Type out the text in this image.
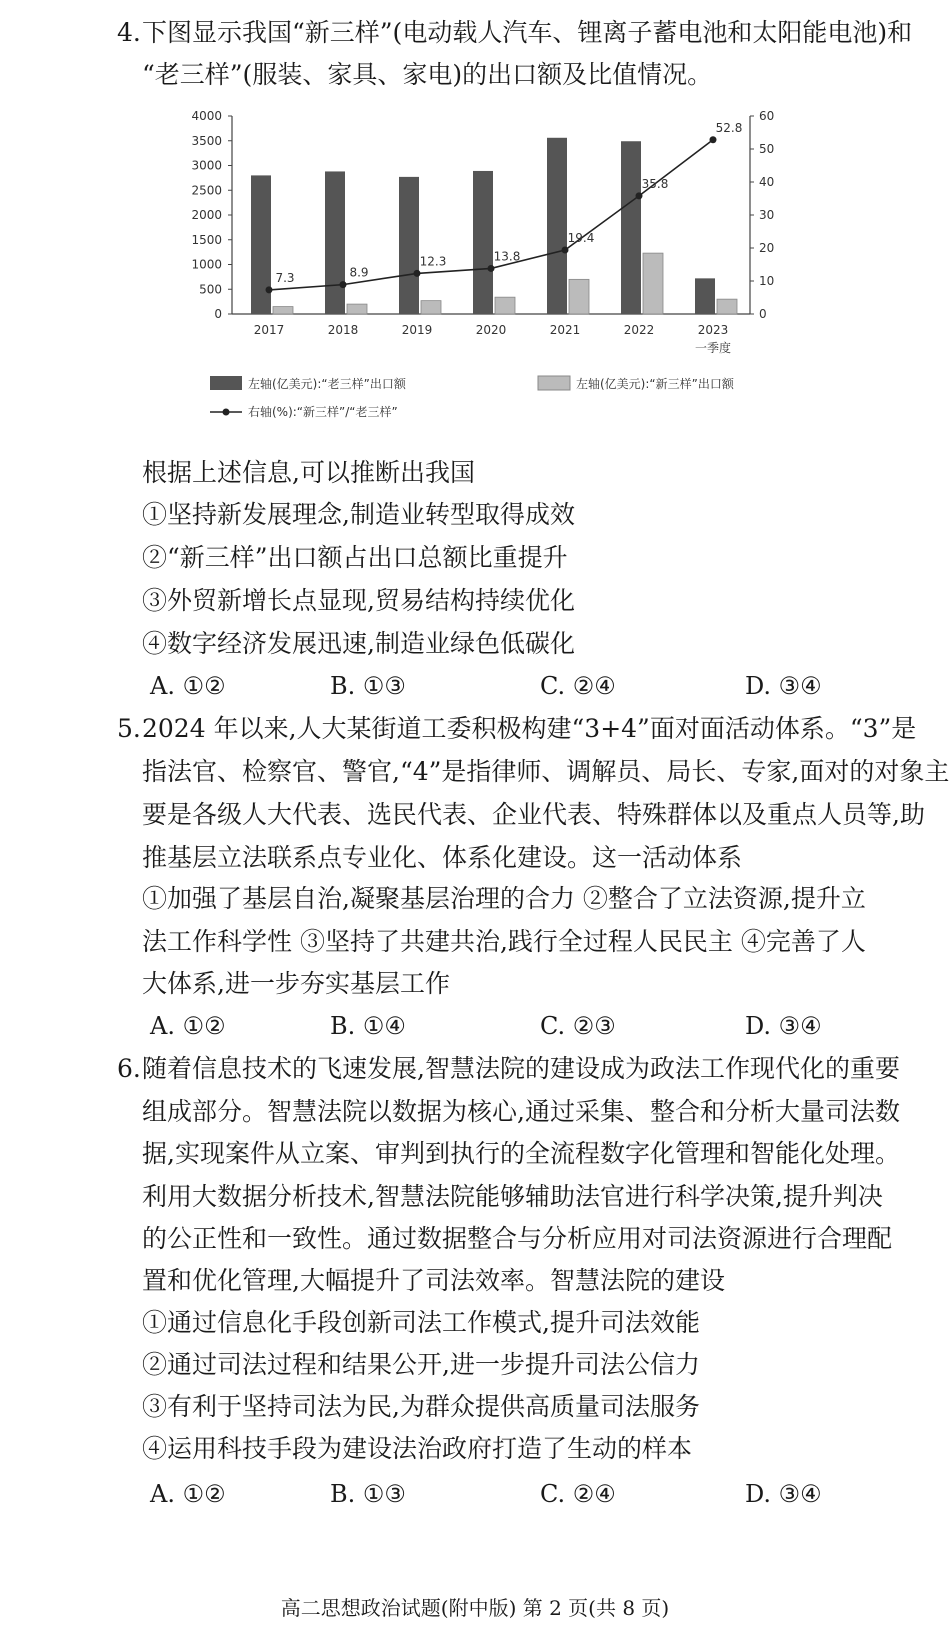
4. 下图显示我国“新三样”(电动载人汽车、锂离子蓄电池和太阳能电池)和
“老三样”(服装、家具、家电)的出口额及比值情况。
0
500
1000
1500
2000
2500
3000
3500
4000
0
10
20
30
40
50
60
2017	2018	2019	2020	2021	2022	2023
一季度
7.3	8.9
12.3	13.8
19.4
35.8
52.8
左轴(亿美元):“老三样”出口额	左轴(亿美元):“新三样”出口额
右轴(%):“新三样”/“老三样”
根据上述信息,可以推断出我国
①坚持新发展理念,制造业转型取得成效
②“新三样”出口额占出口总额比重提升
③外贸新增长点显现,贸易结构持续优化
④数字经济发展迅速,制造业绿色低碳化
A. ①②	B. ①③	C. ②④	D. ③④
5. 2024 年以来,人大某街道工委积极构建“3+4”面对面活动体系。“3”是
指法官、检察官、警官,“4”是指律师、调解员、局长、专家,面对的对象主
要是各级人大代表、选民代表、企业代表、特殊群体以及重点人员等,助
推基层立法联系点专业化、体系化建设。这一活动体系
①加强了基层自治,凝聚基层治理的合力 ②整合了立法资源,提升立
法工作科学性 ③坚持了共建共治,践行全过程人民民主 ④完善了人
大体系,进一步夯实基层工作
A. ①②	B. ①④	C. ②③	D. ③④
6. 随着信息技术的飞速发展,智慧法院的建设成为政法工作现代化的重要
组成部分。智慧法院以数据为核心,通过采集、整合和分析大量司法数
据,实现案件从立案、审判到执行的全流程数字化管理和智能化处理。
利用大数据分析技术,智慧法院能够辅助法官进行科学决策,提升判决
的公正性和一致性。通过数据整合与分析应用对司法资源进行合理配
置和优化管理,大幅提升了司法效率。智慧法院的建设
①通过信息化手段创新司法工作模式,提升司法效能
②通过司法过程和结果公开,进一步提升司法公信力
③有利于坚持司法为民,为群众提供高质量司法服务
④运用科技手段为建设法治政府打造了生动的样本
A. ①②	B. ①③	C. ②④	D. ③④
高二思想政治试题(附中版) 第 2 页(共 8 页)
